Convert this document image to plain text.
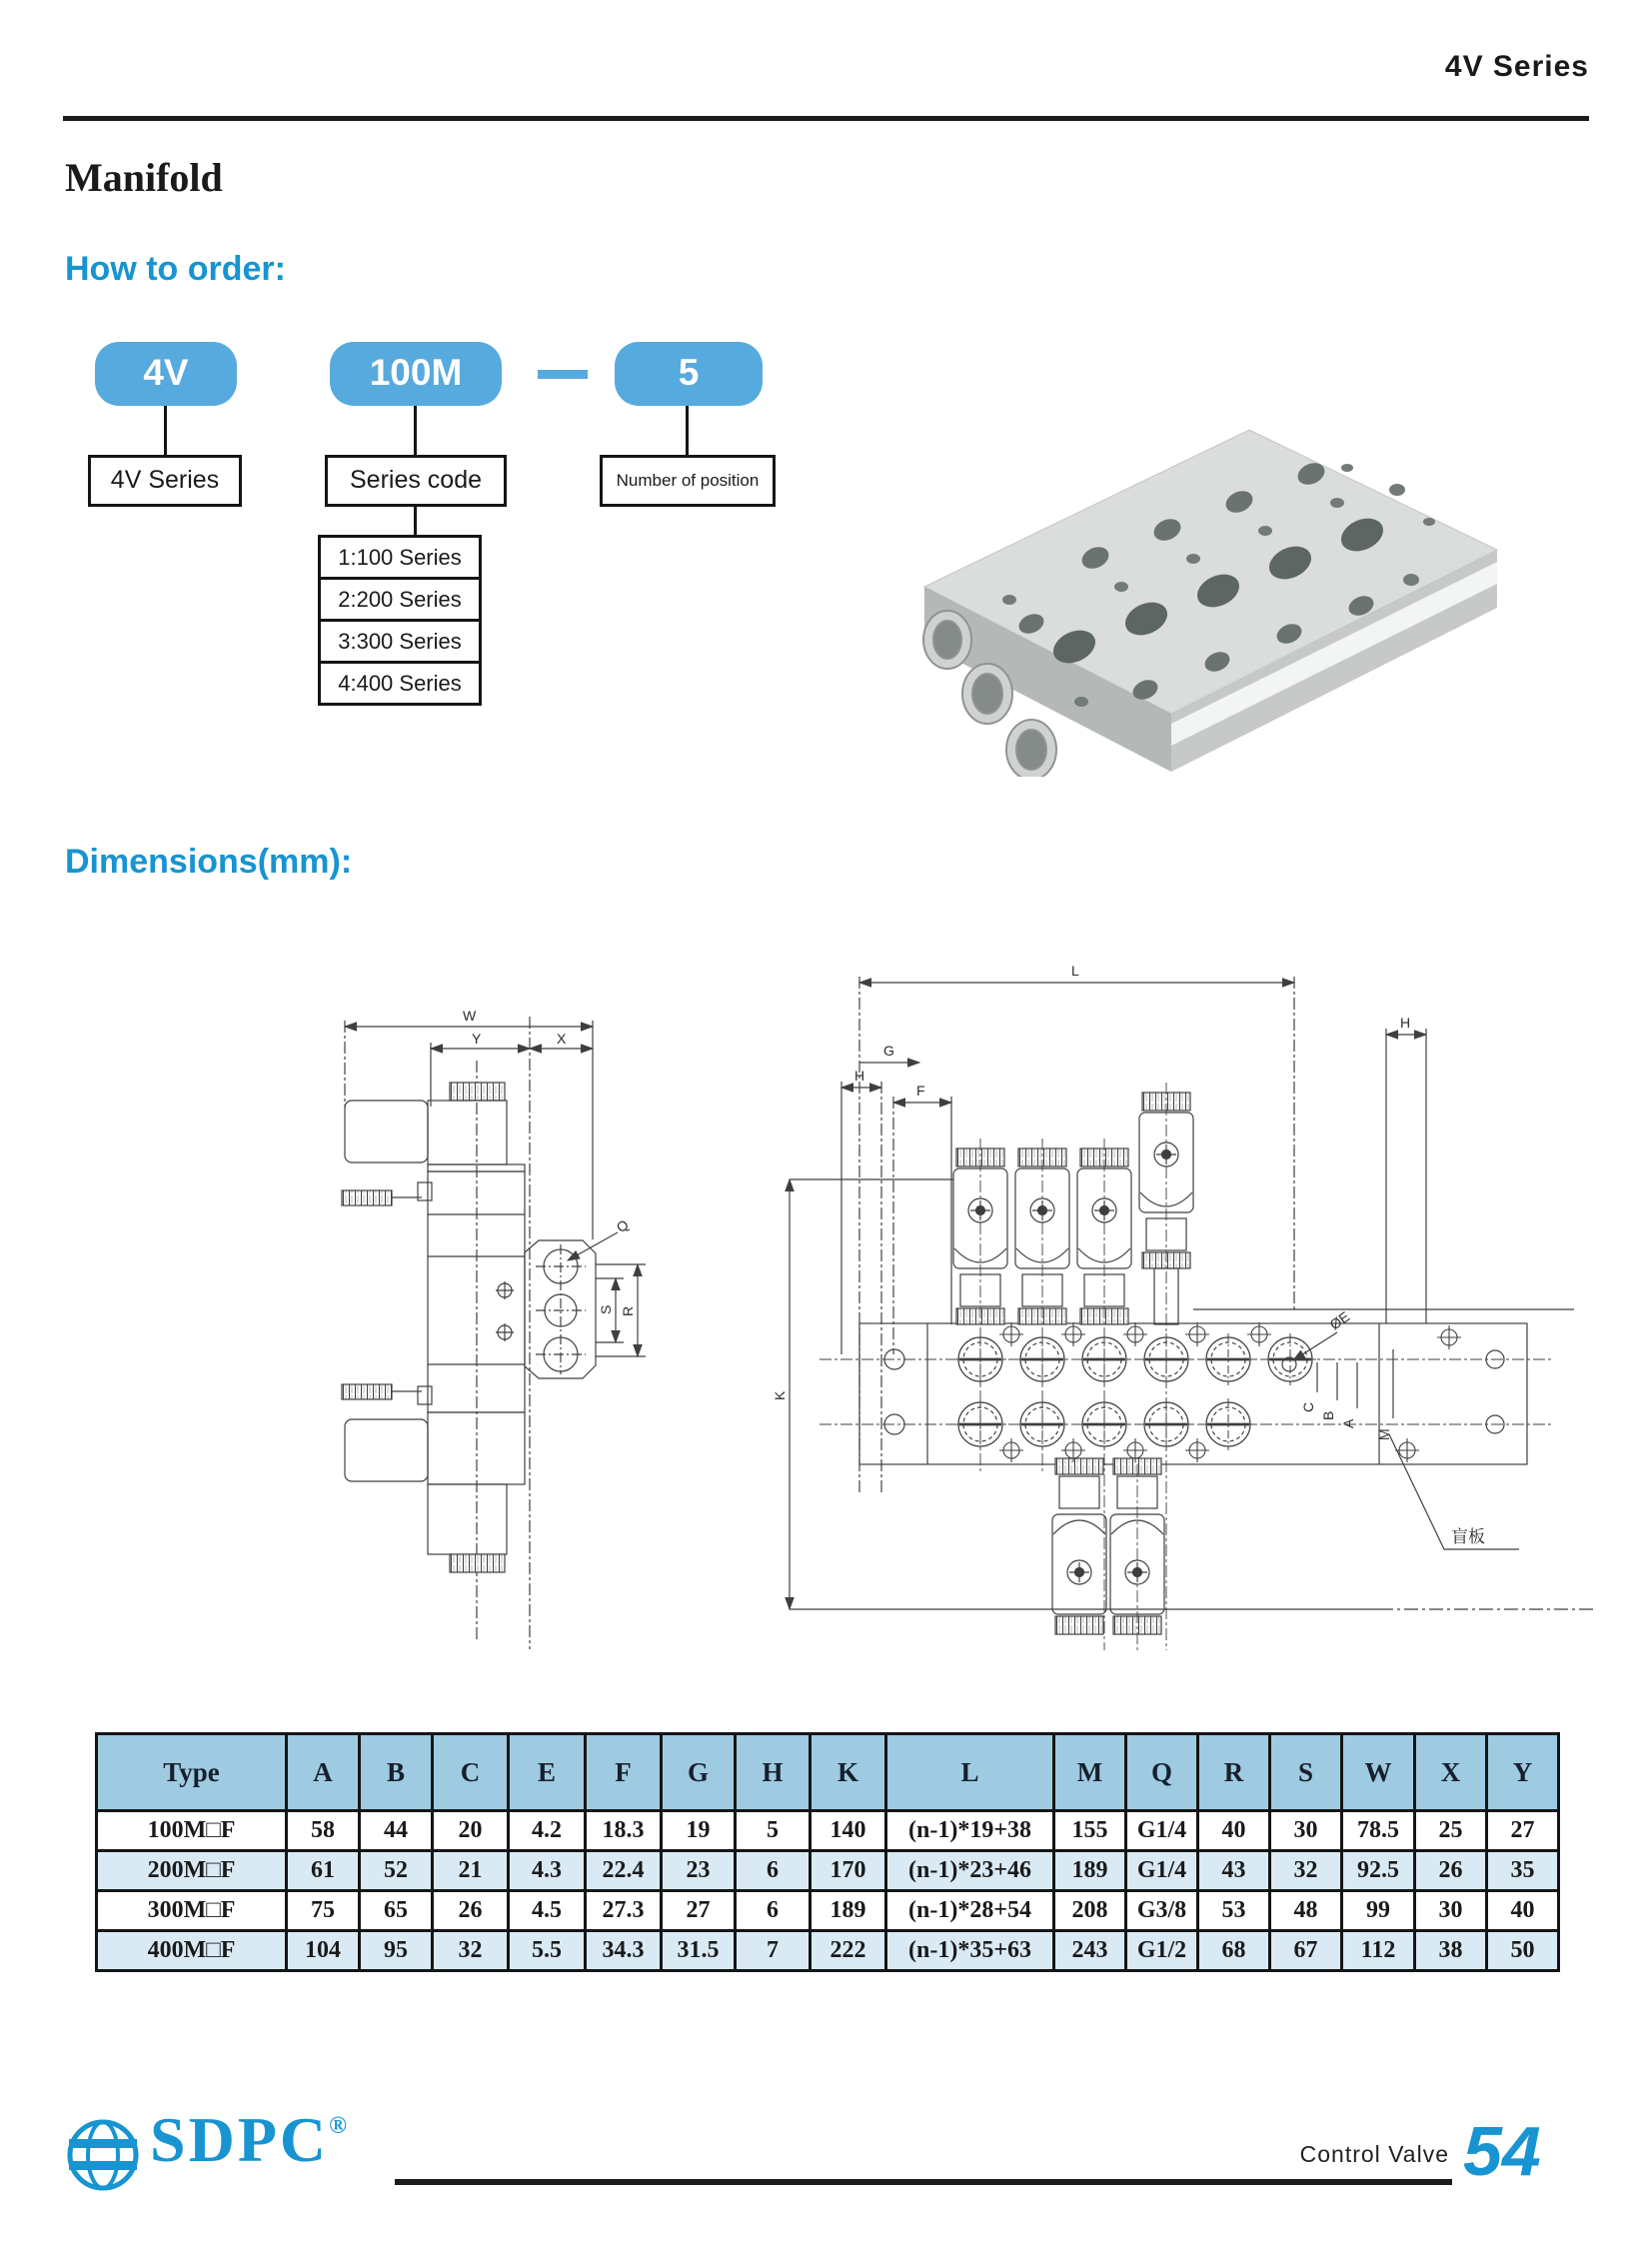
4V Series
Manifold
How to order:
4V	100M	5
4V Series	Series code	Number of position
1:100 Series
2:200 Series
3:300 Series
4:400 Series
Dimensions(mm):
W
Y	X
Q
S R
L
G
H
F
H
K
ØE
C
B
A
M
盲板
Type	A	B	C	E	F	G	H	K	L	M	Q	R	S	W	X	Y
100M□F	58	44	20	4.2	18.3	19	5	140	(n-1)*19+38	155	G1/4	40	30	78.5	25	27
200M□F	61	52	21	4.3	22.4	23	6	170	(n-1)*23+46	189	G1/4	43	32	92.5	26	35
300M□F	75	65	26	4.5	27.3	27	6	189	(n-1)*28+54	208	G3/8	53	48	99	30	40
400M□F	104	95	32	5.5	34.3	31.5	7	222	(n-1)*35+63	243	G1/2	68	67	112	38	50
SDPC®
Control Valve 54
